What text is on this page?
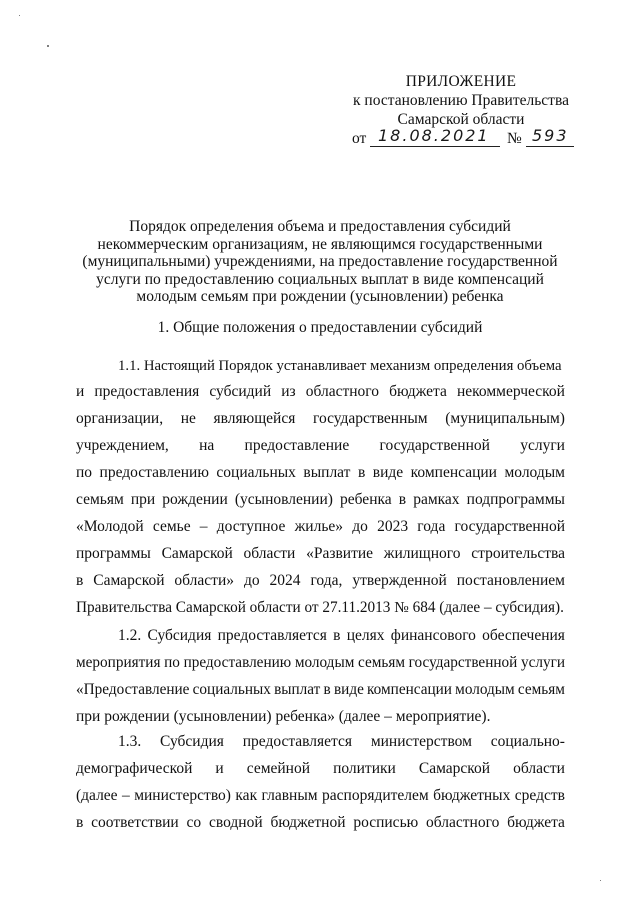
ПРИЛОЖЕНИЕ
к постановлению Правительства
Самарской области
от 18.08.2021 № 593
Порядок определения объема и предоставления субсидий
некоммерческим организациям, не являющимся государственными
(муниципальными) учреждениями, на предоставление государственной
услуги по предоставлению социальных выплат в виде компенсаций
молодым семьям при рождении (усыновлении) ребенка
1. Общие положения о предоставлении субсидий
1.1. Настоящий Порядок устанавливает механизм определения объема
и предоставления субсидий из областного бюджета некоммерческой
организации, не являющейся государственным (муниципальным)
учреждением, на предоставление государственной услуги
по предоставлению социальных выплат в виде компенсации молодым
семьям при рождении (усыновлении) ребенка в рамках подпрограммы
«Молодой семье – доступное жилье» до 2023 года государственной
программы Самарской области «Развитие жилищного строительства
в Самарской области» до 2024 года, утвержденной постановлением
Правительства Самарской области от 27.11.2013 № 684 (далее – субсидия).
1.2. Субсидия предоставляется в целях финансового обеспечения
мероприятия по предоставлению молодым семьям государственной услуги
«Предоставление социальных выплат в виде компенсации молодым семьям
при рождении (усыновлении) ребенка» (далее – мероприятие).
1.3. Субсидия предоставляется министерством социально-
демографической и семейной политики Самарской области
(далее – министерство) как главным распорядителем бюджетных средств
в соответствии со сводной бюджетной росписью областного бюджета
